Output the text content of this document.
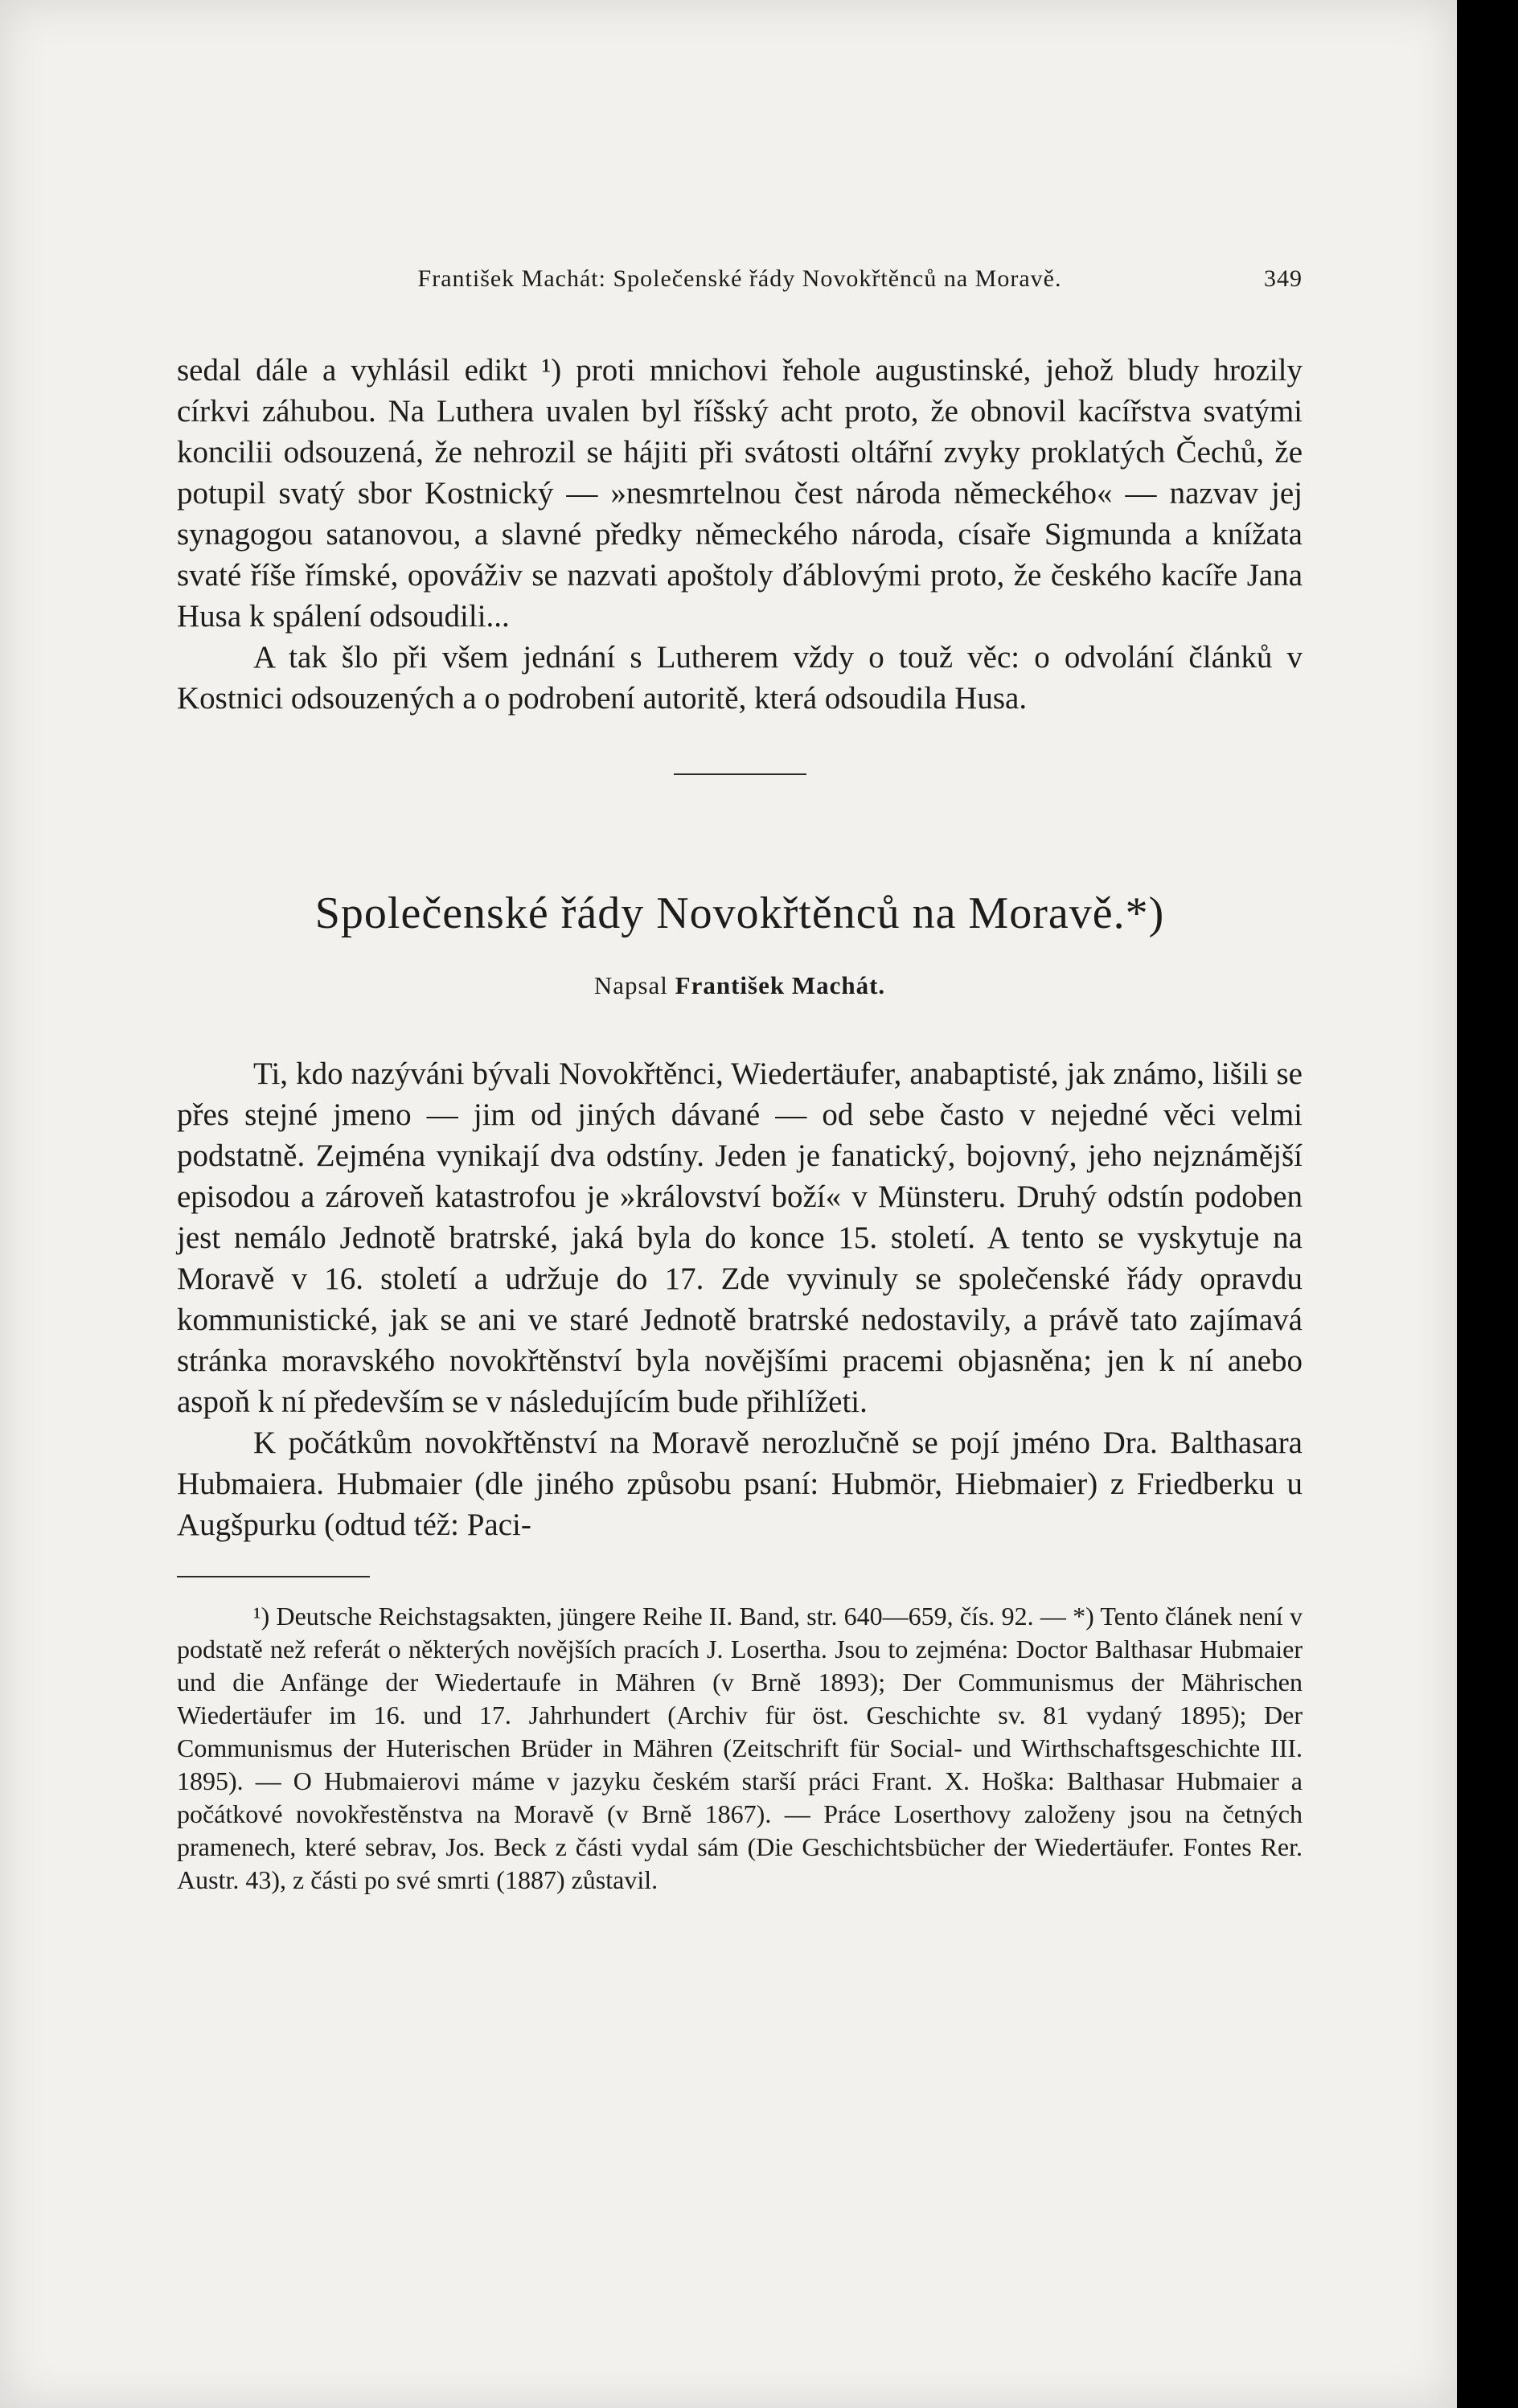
František Machát: Společenské řády Novokřtěnců na Moravě.	349

sedal dále a vyhlásil edikt ¹) proti mnichovi řehole augustinské, jehož bludy hrozily církvi záhubou. Na Luthera uvalen byl říšský acht proto, že obnovil kacířstva svatými koncilii odsouzená, že nehrozil se hájiti při svátosti oltářní zvyky proklatých Čechů, že potupil svatý sbor Kostnický — »nesmrtelnou čest národa německého« — nazvav jej synagogou satanovou, a slavné předky německého národa, císaře Sigmunda a knížata svaté říše římské, opováživ se nazvati apoštoly ďáblovými proto, že českého kacíře Jana Husa k spálení odsoudili...

A tak šlo při všem jednání s Lutherem vždy o touž věc: o odvolání článků v Kostnici odsouzených a o podrobení autoritě, která odsoudila Husa.

Společenské řády Novokřtěnců na Moravě.*)
Napsal František Machát.

Ti, kdo nazýváni bývali Novokřtěnci, Wiedertäufer, anabaptisté, jak známo, lišili se přes stejné jmeno — jim od jiných dávané — od sebe často v nejedné věci velmi podstatně. Zejména vynikají dva odstíny. Jeden je fanatický, bojovný, jeho nejznámější episodou a zároveň katastrofou je »království boží« v Münsteru. Druhý odstín podoben jest nemálo Jednotě bratrské, jaká byla do konce 15. století. A tento se vyskytuje na Moravě v 16. století a udržuje do 17. Zde vyvinuly se společenské řády opravdu kommunistické, jak se ani ve staré Jednotě bratrské nedostavily, a právě tato zajímavá stránka moravského novokřtěnství byla novějšími pracemi objasněna; jen k ní anebo aspoň k ní především se v následujícím bude přihlížeti.

K počátkům novokřtěnství na Moravě nerozlučně se pojí jméno Dra. Balthasara Hubmaiera. Hubmaier (dle jiného způsobu psaní: Hubmör, Hiebmaier) z Friedberku u Augšpurku (odtud též: Paci-

¹) Deutsche Reichstagsakten, jüngere Reihe II. Band, str. 640—659, čís. 92. — *) Tento článek není v podstatě než referát o některých novějších pracích J. Loserthа. Jsou to zejména: Doctor Balthasar Hubmaier und die Anfänge der Wiedertaufe in Mähren (v Brně 1893); Der Communismus der Mährischen Wiedertäufer im 16. und 17. Jahrhundert (Archiv für öst. Geschichte sv. 81 vydaný 1895); Der Communismus der Huterischen Brüder in Mähren (Zeitschrift für Social- und Wirthschaftsgeschichte III. 1895). — O Hubmaierovi máme v jazyku českém starší práci Frant. X. Hoška: Balthasar Hubmaier a počátkové novokřestěnstva na Moravě (v Brně 1867). — Práce Loserthovy založeny jsou na četných pramenech, které sebrav, Jos. Beck z části vydal sám (Die Geschichtsbücher der Wiedertäufer. Fontes Rer. Austr. 43), z části po své smrti (1887) zůstavil.
